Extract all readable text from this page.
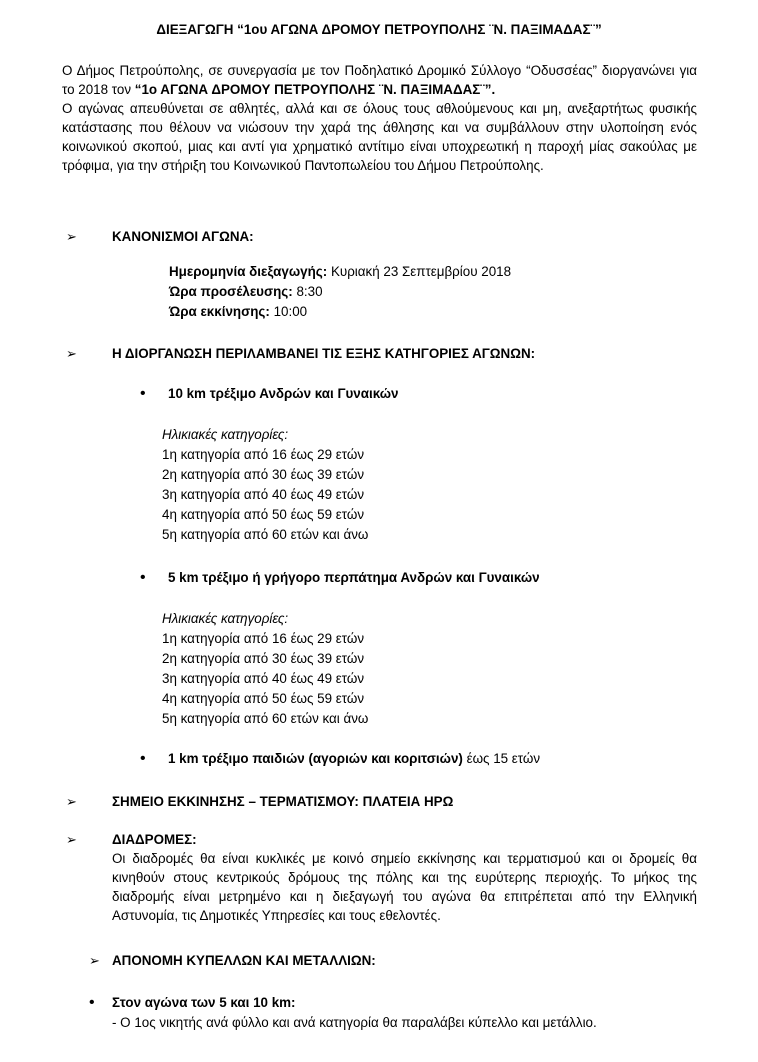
ΔΙΕΞΑΓΩΓΗ “1ου ΑΓΩΝΑ ΔΡΟΜΟΥ ΠΕΤΡΟΥΠΟΛΗΣ ¨Ν. ΠΑΞΙΜΑΔΑΣ¨”

Ο Δήμος Πετρούπολης, σε συνεργασία με τον Ποδηλατικό Δρομικό Σύλλογο “Οδυσσέας” διοργανώνει για το 2018 τον “1ο ΑΓΩΝΑ ΔΡΟΜΟΥ ΠΕΤΡΟΥΠΟΛΗΣ ¨Ν. ΠΑΞΙΜΑΔΑΣ¨”.

Ο αγώνας απευθύνεται σε αθλητές, αλλά και σε όλους τους αθλούμενους και μη, ανεξαρτήτως φυσικής κατάστασης που θέλουν να νιώσουν την χαρά της άθλησης και να συμβάλλουν στην υλοποίηση ενός κοινωνικού σκοπού, μιας και αντί για χρηματικό αντίτιμο είναι υποχρεωτική η παροχή μίας σακούλας με τρόφιμα, για την στήριξη του Κοινωνικού Παντοπωλείου του Δήμου Πετρούπολης.

➢	ΚΑΝΟΝΙΣΜΟΙ ΑΓΩΝΑ:
Ημερομηνία διεξαγωγής: Κυριακή 23 Σεπτεμβρίου 2018
Ώρα προσέλευσης: 8:30
Ώρα εκκίνησης: 10:00
➢	Η ΔΙΟΡΓΑΝΩΣΗ ΠΕΡΙΛΑΜΒΑΝΕΙ ΤΙΣ ΕΞΗΣ ΚΑΤΗΓΟΡΙΕΣ ΑΓΩΝΩΝ:
• 10 km τρέξιμο Ανδρών και Γυναικών
Ηλικιακές κατηγορίες:
1η κατηγορία από 16 έως 29 ετών
2η κατηγορία από 30 έως 39 ετών
3η κατηγορία από 40 έως 49 ετών
4η κατηγορία από 50 έως 59 ετών
5η κατηγορία από 60 ετών και άνω
• 5 km τρέξιμο ή γρήγορο περπάτημα Ανδρών και Γυναικών
Ηλικιακές κατηγορίες:
1η κατηγορία από 16 έως 29 ετών
2η κατηγορία από 30 έως 39 ετών
3η κατηγορία από 40 έως 49 ετών
4η κατηγορία από 50 έως 59 ετών
5η κατηγορία από 60 ετών και άνω
• 1 km τρέξιμο παιδιών (αγοριών και κοριτσιών) έως 15 ετών
➢	ΣΗΜΕΙΟ ΕΚΚΙΝΗΣΗΣ – ΤΕΡΜΑΤΙΣΜΟΥ: ΠΛΑΤΕΙΑ ΗΡΩ
➢	ΔΙΑΔΡΟΜΕΣ:
Οι διαδρομές θα είναι κυκλικές με κοινό σημείο εκκίνησης και τερματισμού και οι δρομείς θα κινηθούν στους κεντρικούς δρόμους της πόλης και της ευρύτερης περιοχής. Το μήκος της διαδρομής είναι μετρημένο και η διεξαγωγή του αγώνα θα επιτρέπεται από την Ελληνική Αστυνομία, τις Δημοτικές Υπηρεσίες και τους εθελοντές.
➢ ΑΠΟΝΟΜΗ ΚΥΠΕΛΛΩΝ ΚΑΙ ΜΕΤΑΛΛΙΩΝ:
• Στον αγώνα των 5 και 10 km:
- Ο 1ος νικητής ανά φύλλο και ανά κατηγορία θα παραλάβει κύπελλο και μετάλλιο.
